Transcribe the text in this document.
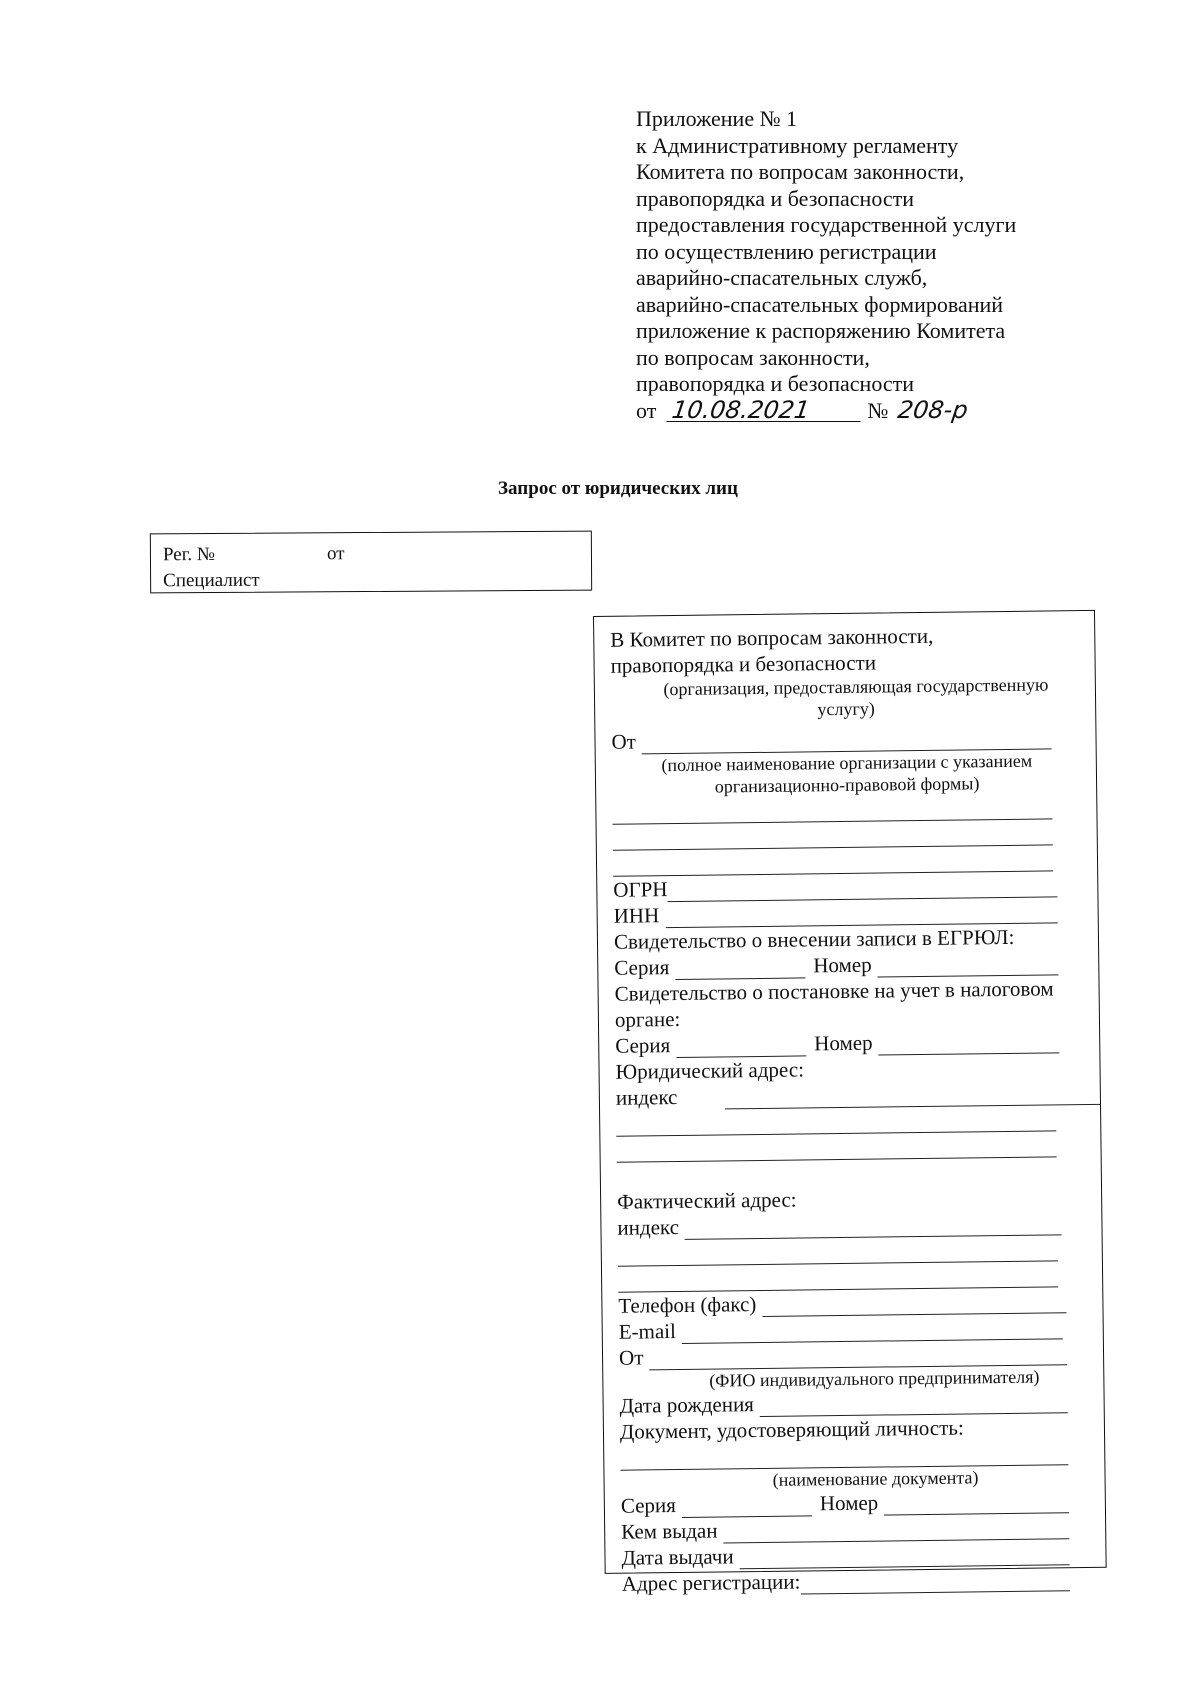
Приложение № 1
к Административному регламенту
Комитета по вопросам законности,
правопорядка и безопасности
предоставления государственной услуги
по осуществлению регистрации
аварийно-спасательных служб,
аварийно-спасательных формирований
приложение к распоряжению Комитета
по вопросам законности,
правопорядка и безопасности
от 10.08.2021	№ 208-р
Запрос от юридических лиц
Рег. №	от
Специалист
В Комитет по вопросам законности,
правопорядка и безопасности
(организация, предоставляющая государственную
услугу)
От
(полное наименование организации с указанием
организационно-правовой формы)
ОГРН
ИНН
Свидетельство о внесении записи в ЕГРЮЛ:
Серия	Номер
Свидетельство о постановке на учет в налоговом
органе:
Серия	Номер
Юридический адрес:
индекс
Фактический адрес:
индекс
Телефон (факс)
E-mail
От
(ФИО индивидуального предпринимателя)
Дата рождения
Документ, удостоверяющий личность:
(наименование документа)
Серия	Номер
Кем выдан
Дата выдачи
Адрес регистрации:
